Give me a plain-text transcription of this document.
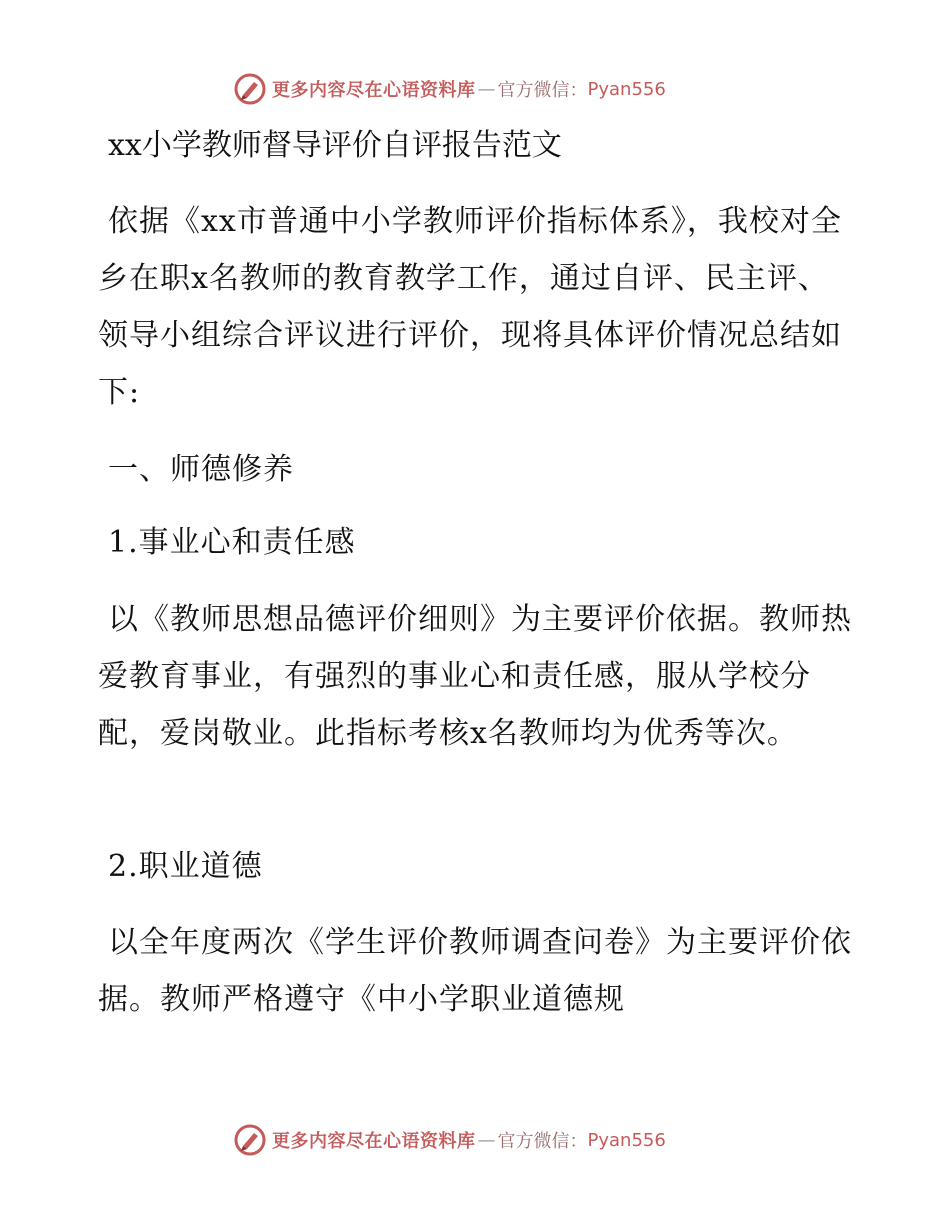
更多内容尽在心语资料库 — 官方微信： Pyan556

xx小学教师督导评价自评报告范文

依据《xx市普通中小学教师评价指标体系》，我校对全乡在职x名教师的教育教学工作，通过自评、民主评、领导小组综合评议进行评价，现将具体评价情况总结如下:

一、师德修养

1.事业心和责任感

以《教师思想品德评价细则》为主要评价依据。教师热爱教育事业，有强烈的事业心和责任感，服从学校分配，爱岗敬业。此指标考核x名教师均为优秀等次。

2.职业道德

以全年度两次《学生评价教师调查问卷》为主要评价依据。教师严格遵守《中小学职业道德规

更多内容尽在心语资料库 — 官方微信： Pyan556
